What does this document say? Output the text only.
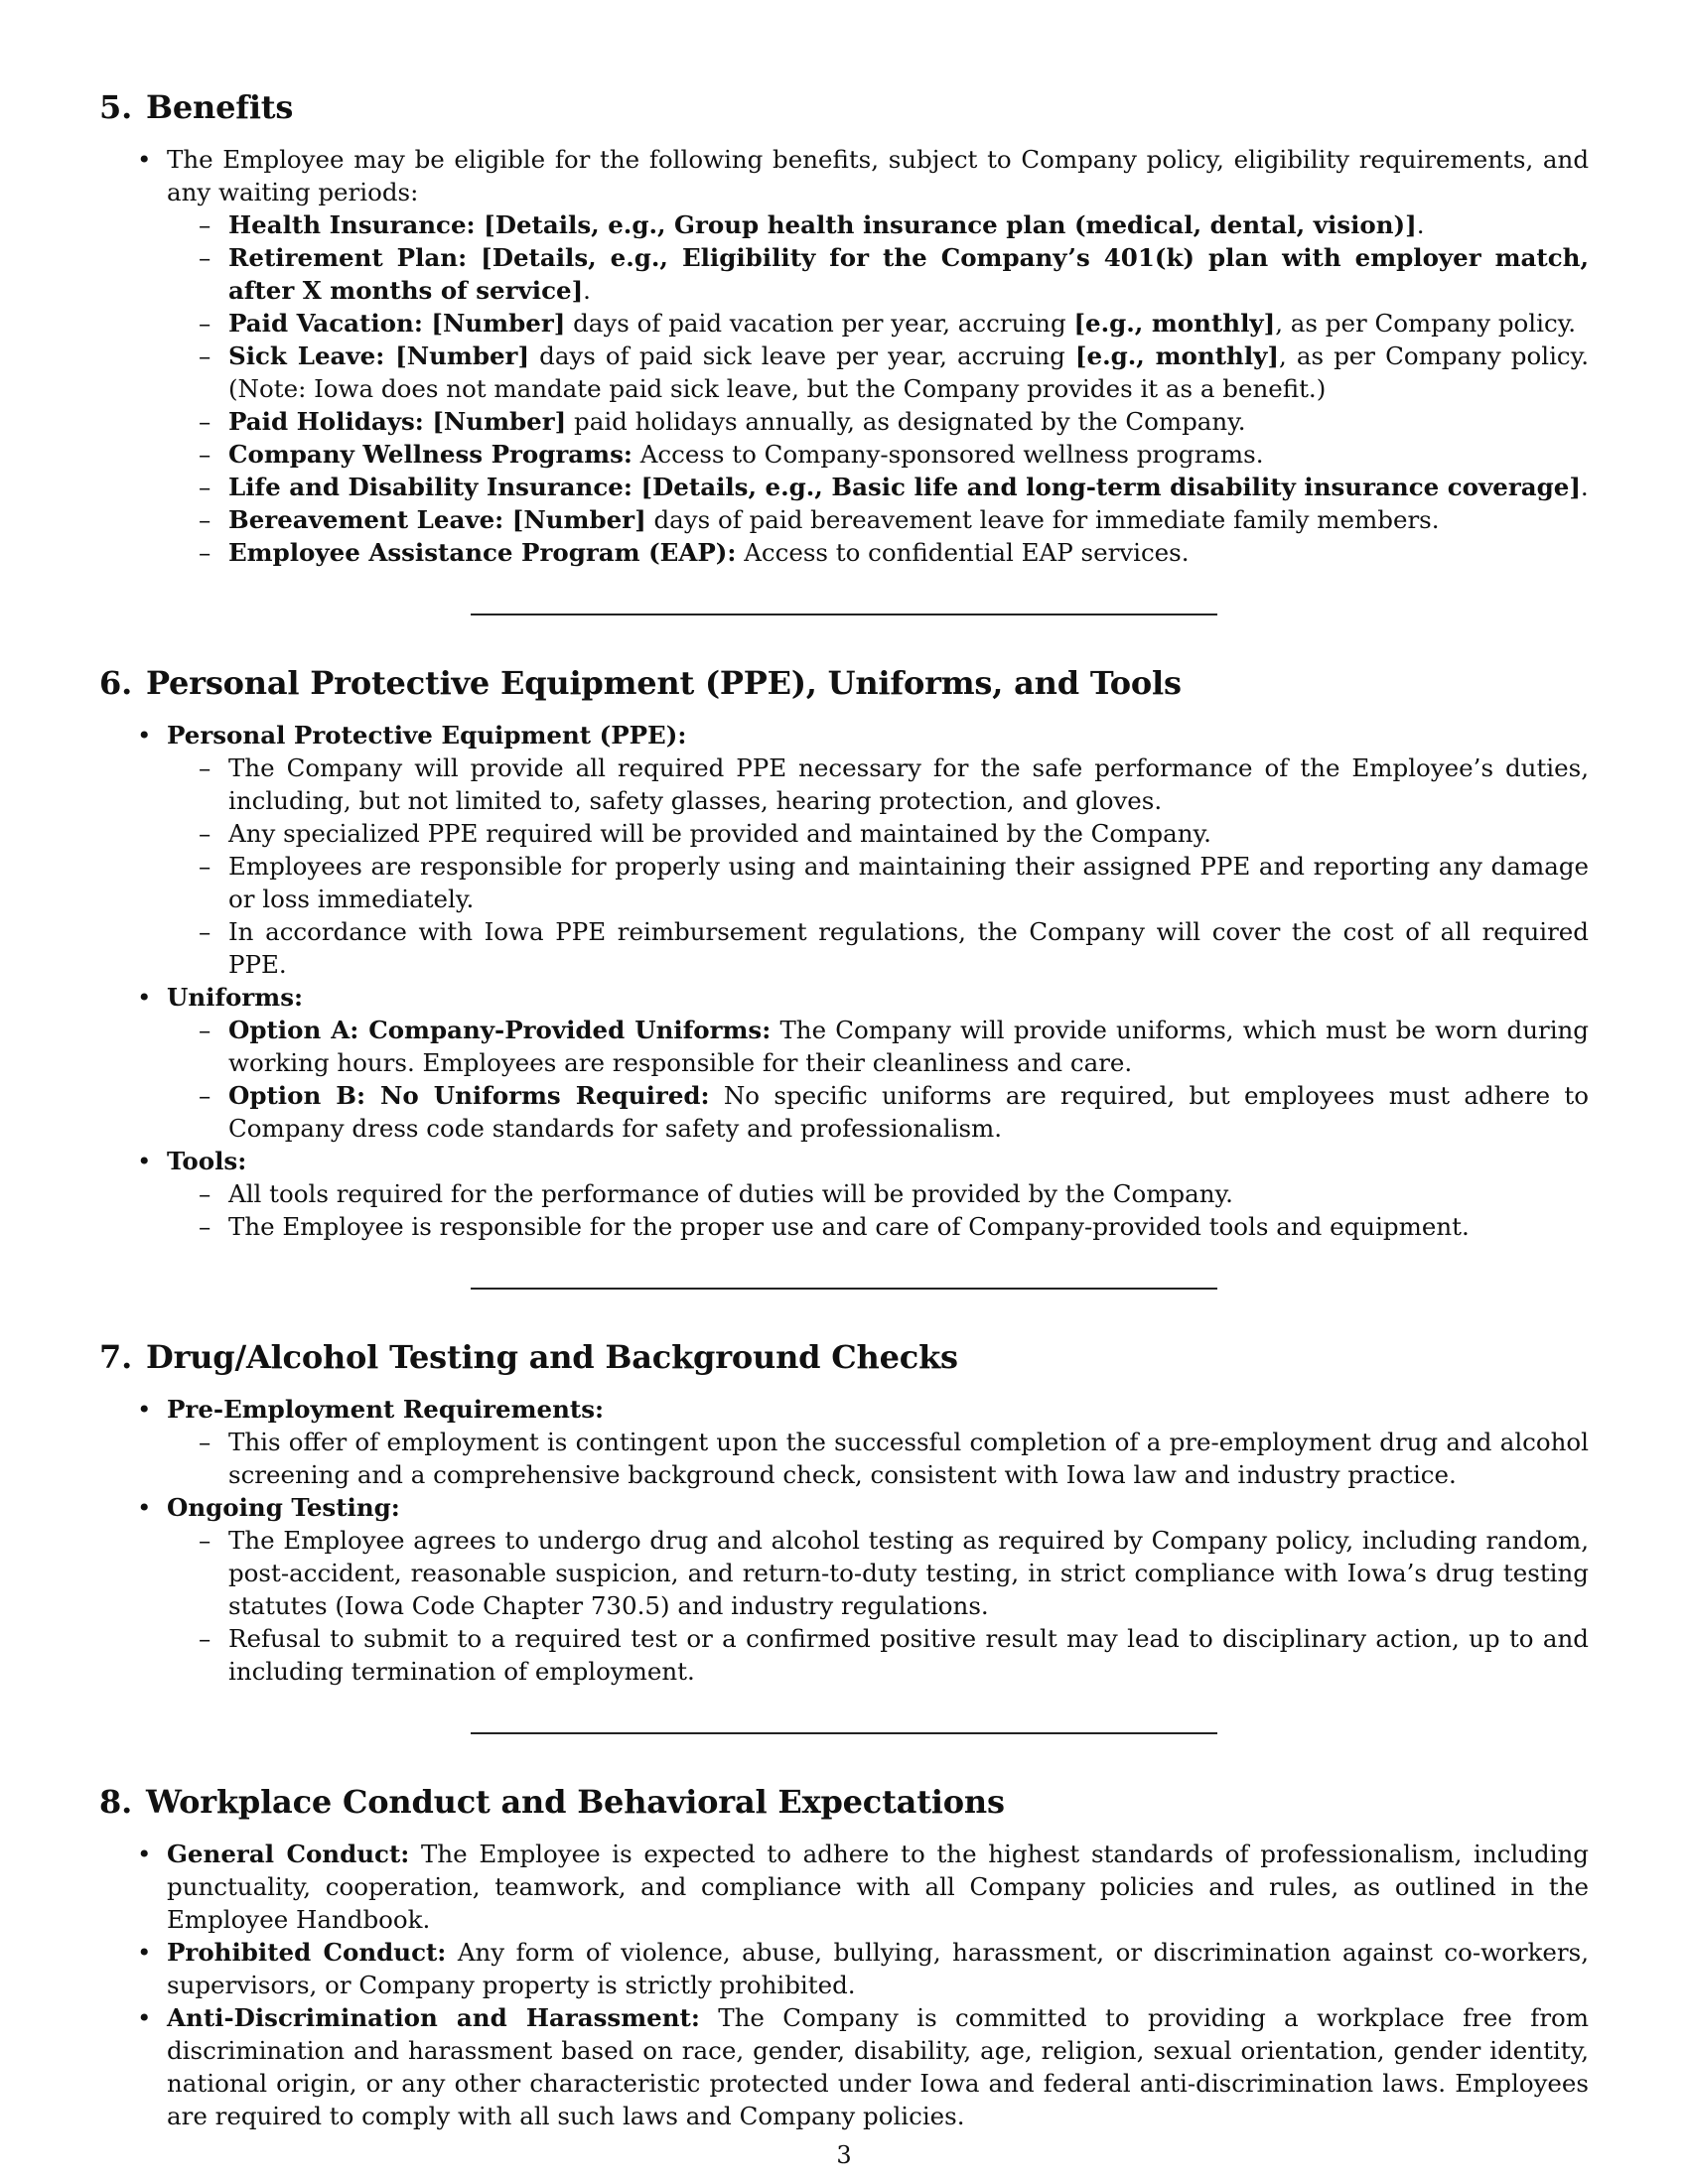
5. Benefits
• The Employee may be eligible for the following benefits, subject to Company policy, eligibility requirements, and any waiting periods:
– Health Insurance: [Details, e.g., Group health insurance plan (medical, dental, vision)].
– Retirement Plan: [Details, e.g., Eligibility for the Company’s 401(k) plan with employer match, after X months of service].
– Paid Vacation: [Number] days of paid vacation per year, accruing [e.g., monthly], as per Company policy.
– Sick Leave: [Number] days of paid sick leave per year, accruing [e.g., monthly], as per Company policy. (Note: Iowa does not mandate paid sick leave, but the Company provides it as a benefit.)
– Paid Holidays: [Number] paid holidays annually, as designated by the Company.
– Company Wellness Programs: Access to Company-sponsored wellness programs.
– Life and Disability Insurance: [Details, e.g., Basic life and long-term disability insurance coverage].
– Bereavement Leave: [Number] days of paid bereavement leave for immediate family members.
– Employee Assistance Program (EAP): Access to confidential EAP services.
6. Personal Protective Equipment (PPE), Uniforms, and Tools
• Personal Protective Equipment (PPE):
– The Company will provide all required PPE necessary for the safe performance of the Employee’s duties, including, but not limited to, safety glasses, hearing protection, and gloves.
– Any specialized PPE required will be provided and maintained by the Company.
– Employees are responsible for properly using and maintaining their assigned PPE and reporting any damage or loss immediately.
– In accordance with Iowa PPE reimbursement regulations, the Company will cover the cost of all required PPE.
• Uniforms:
– Option A: Company-Provided Uniforms: The Company will provide uniforms, which must be worn during working hours. Employees are responsible for their cleanliness and care.
– Option B: No Uniforms Required: No specific uniforms are required, but employees must adhere to Company dress code standards for safety and professionalism.
• Tools:
– All tools required for the performance of duties will be provided by the Company.
– The Employee is responsible for the proper use and care of Company-provided tools and equipment.
7. Drug/Alcohol Testing and Background Checks
• Pre-Employment Requirements:
– This offer of employment is contingent upon the successful completion of a pre-employment drug and alcohol screening and a comprehensive background check, consistent with Iowa law and industry practice.
• Ongoing Testing:
– The Employee agrees to undergo drug and alcohol testing as required by Company policy, including random, post-accident, reasonable suspicion, and return-to-duty testing, in strict compliance with Iowa’s drug testing statutes (Iowa Code Chapter 730.5) and industry regulations.
– Refusal to submit to a required test or a confirmed positive result may lead to disciplinary action, up to and including termination of employment.
8. Workplace Conduct and Behavioral Expectations
• General Conduct: The Employee is expected to adhere to the highest standards of professionalism, including punctuality, cooperation, teamwork, and compliance with all Company policies and rules, as outlined in the Employee Handbook.
• Prohibited Conduct: Any form of violence, abuse, bullying, harassment, or discrimination against co-workers, supervisors, or Company property is strictly prohibited.
• Anti-Discrimination and Harassment: The Company is committed to providing a workplace free from discrimination and harassment based on race, gender, disability, age, religion, sexual orientation, gender identity, national origin, or any other characteristic protected under Iowa and federal anti-discrimination laws. Employees are required to comply with all such laws and Company policies.
3
